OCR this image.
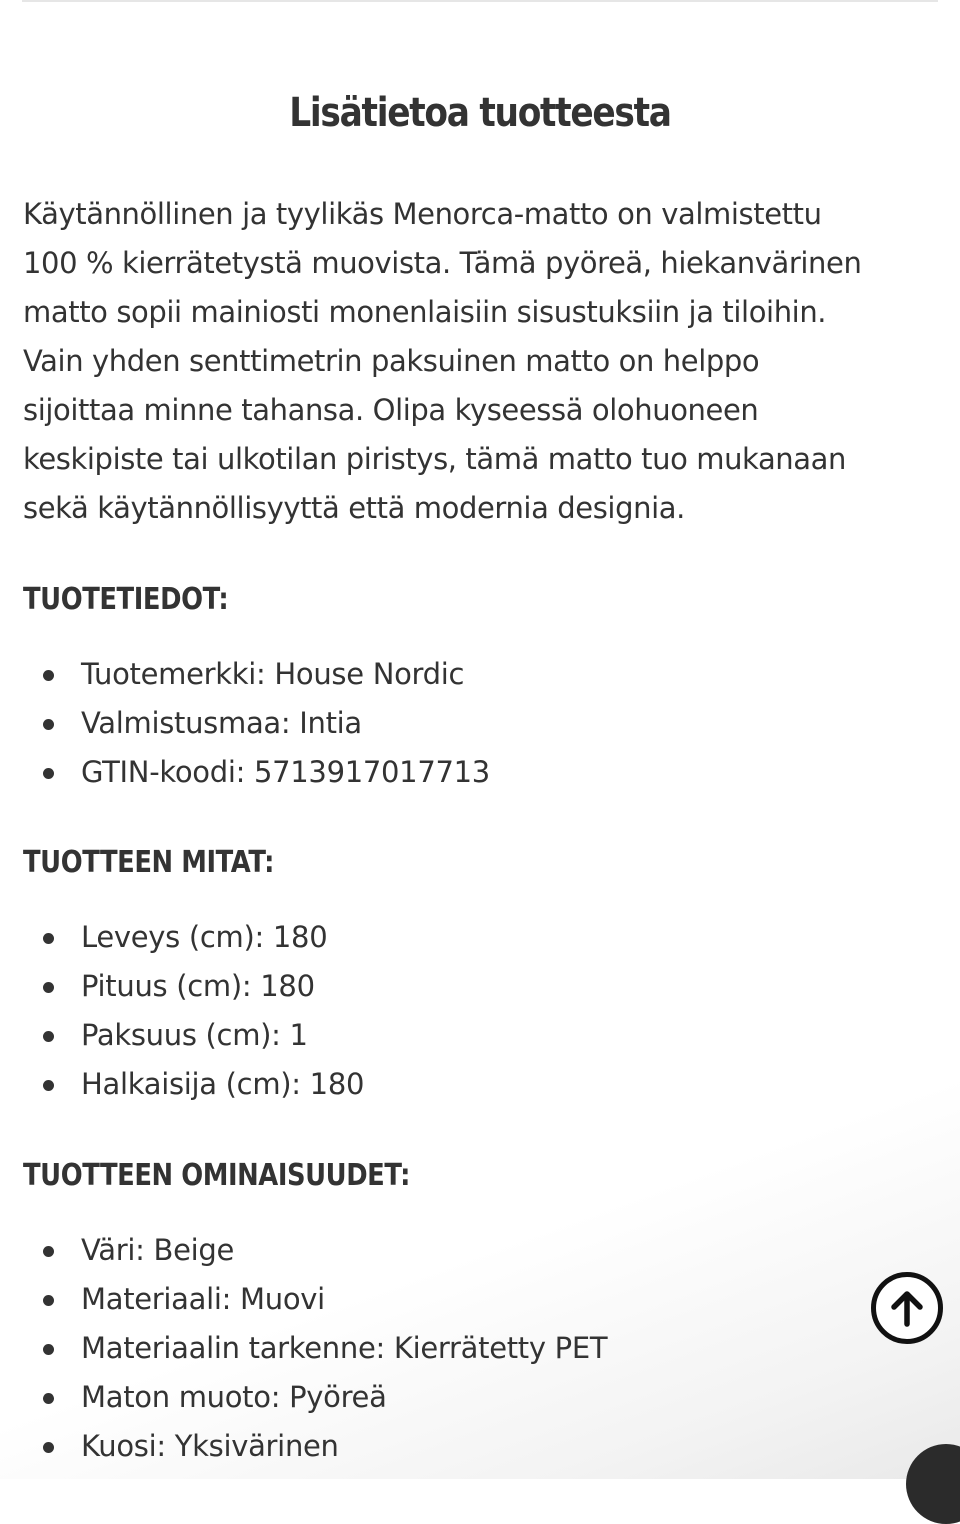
Lisätietoa tuotteesta

Käytännöllinen ja tyylikäs Menorca-matto on valmistettu
100 % kierrätetystä muovista. Tämä pyöreä, hiekanvärinen
matto sopii mainiosti monenlaisiin sisustuksiin ja tiloihin.
Vain yhden senttimetrin paksuinen matto on helppo
sijoittaa minne tahansa. Olipa kyseessä olohuoneen
keskipiste tai ulkotilan piristys, tämä matto tuo mukanaan
sekä käytännöllisyyttä että modernia designia.

TUOTETIEDOT:
Tuotemerkki: House Nordic
Valmistusmaa: Intia
GTIN-koodi: 5713917017713
TUOTTEEN MITAT:
Leveys (cm): 180
Pituus (cm): 180
Paksuus (cm): 1
Halkaisija (cm): 180
TUOTTEEN OMINAISUUDET:
Väri: Beige
Materiaali: Muovi
Materiaalin tarkenne: Kierrätetty PET
Maton muoto: Pyöreä
Kuosi: Yksivärinen
